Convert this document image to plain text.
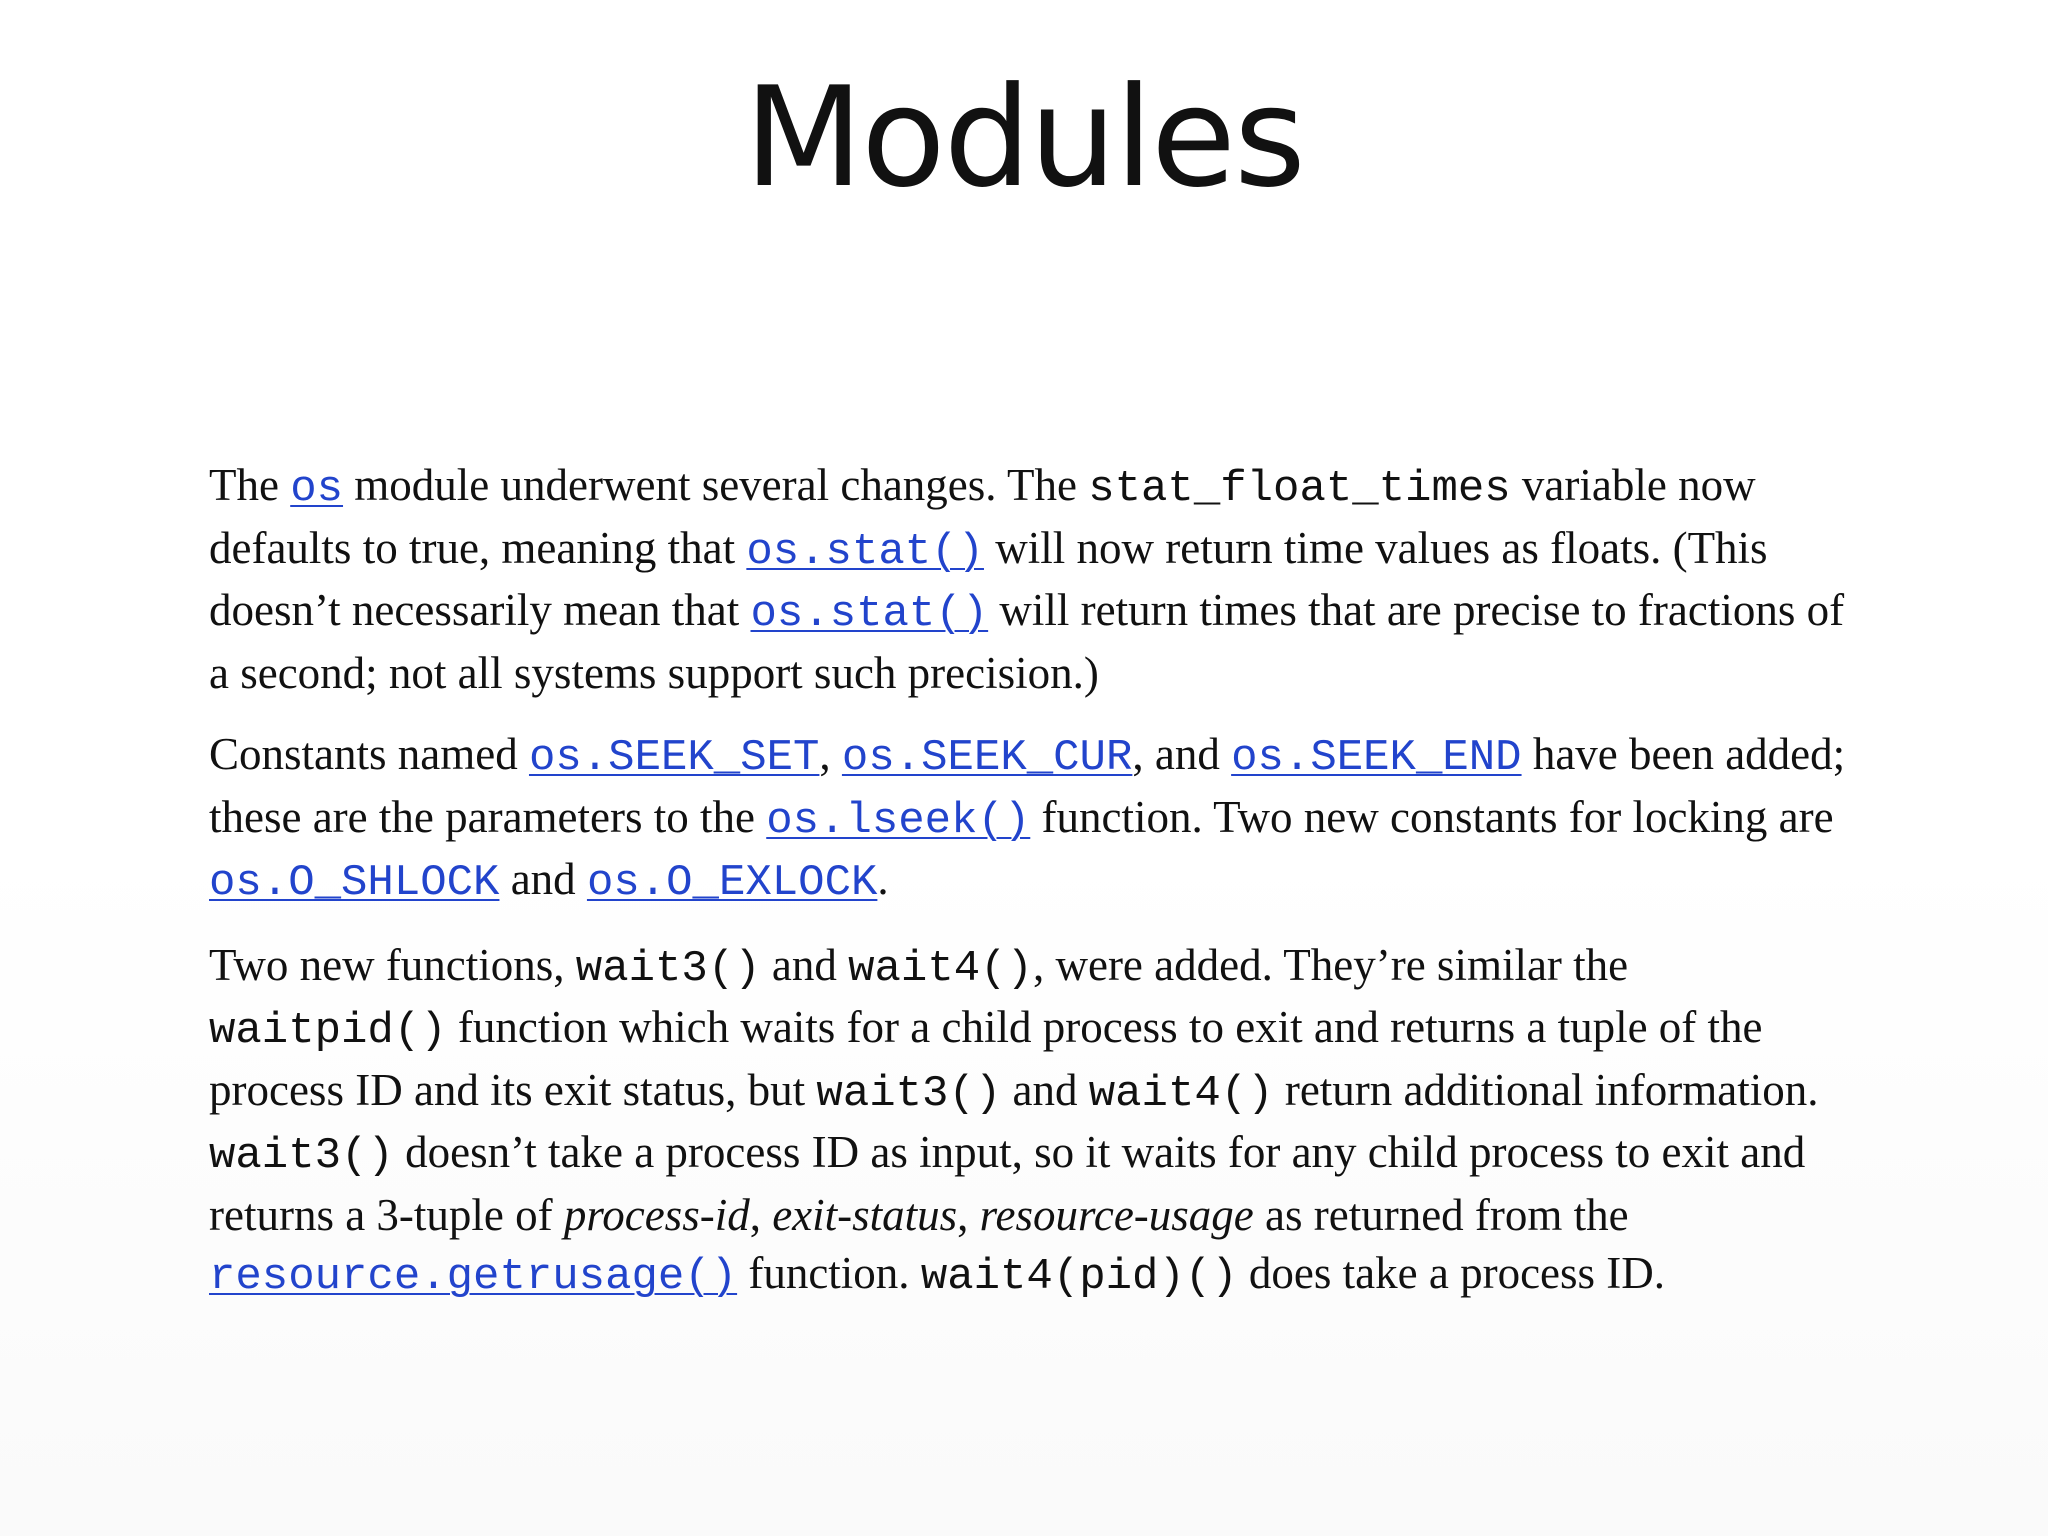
Modules

The os module underwent several changes. The stat_float_times variable now defaults to true, meaning that os.stat() will now return time values as floats. (This doesn’t necessarily mean that os.stat() will return times that are precise to fractions of a second; not all systems support such precision.)

Constants named os.SEEK_SET, os.SEEK_CUR, and os.SEEK_END have been added; these are the parameters to the os.lseek() function. Two new constants for locking are os.O_SHLOCK and os.O_EXLOCK.

Two new functions, wait3() and wait4(), were added. They’re similar the waitpid() function which waits for a child process to exit and returns a tuple of the process ID and its exit status, but wait3() and wait4() return additional information. wait3() doesn’t take a process ID as input, so it waits for any child process to exit and returns a 3-tuple of process-id, exit-status, resource-usage as returned from the resource.getrusage() function. wait4(pid)() does take a process ID.
